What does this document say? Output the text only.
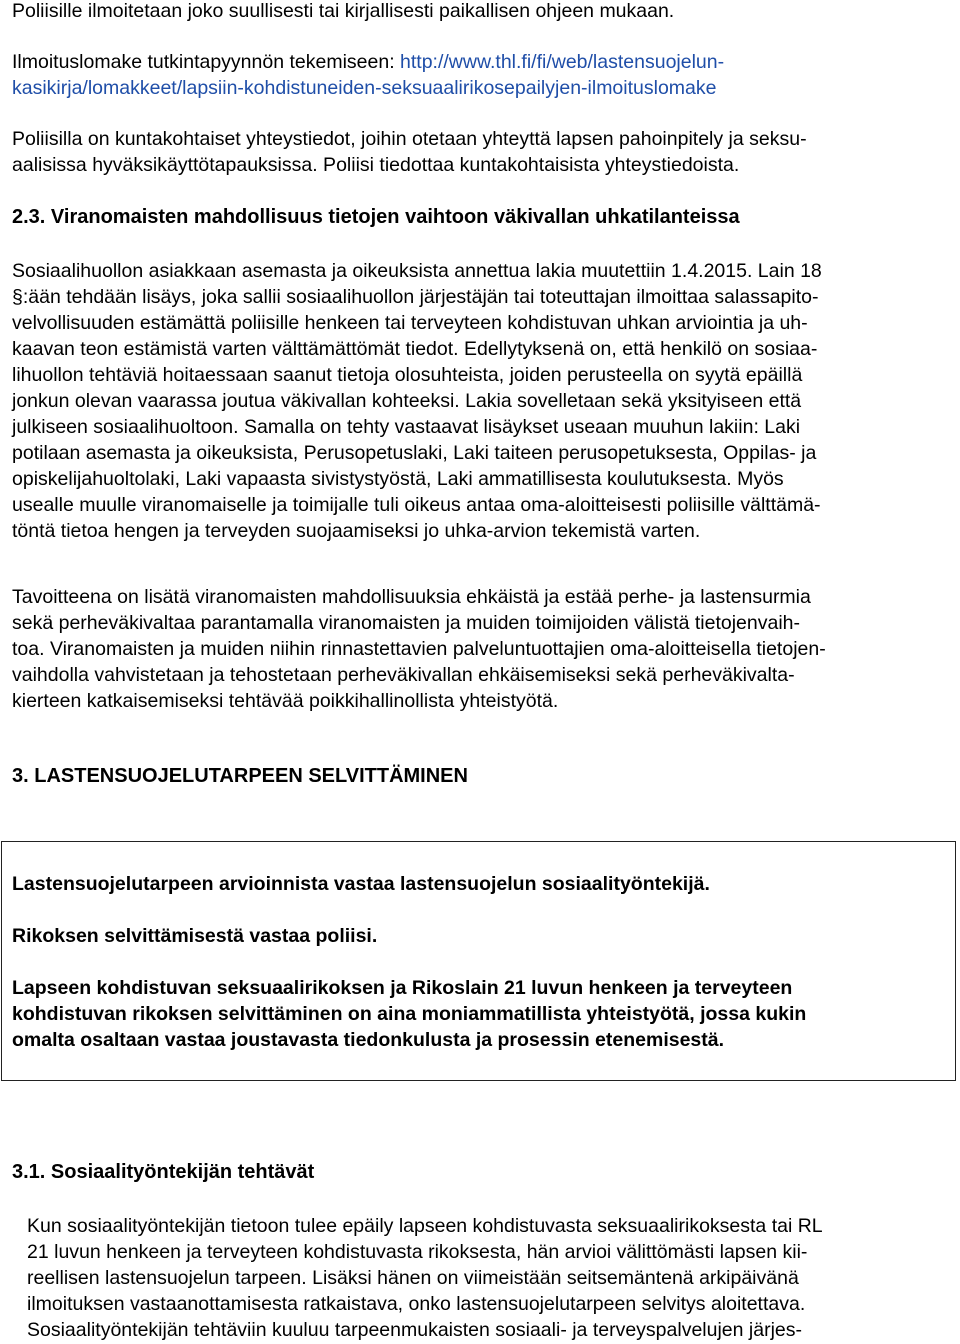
Poliisille ilmoitetaan joko suullisesti tai kirjallisesti paikallisen ohjeen mukaan.
Ilmoituslomake tutkintapyynnön tekemiseen: http://www.thl.fi/fi/web/lastensuojelun-
kasikirja/lomakkeet/lapsiin-kohdistuneiden-seksuaalirikosepailyjen-ilmoituslomake
Poliisilla on kuntakohtaiset yhteystiedot, joihin otetaan yhteyttä lapsen pahoinpitely ja seksu-
aalisissa hyväksikäyttötapauksissa. Poliisi tiedottaa kuntakohtaisista yhteystiedoista.
2.3. Viranomaisten mahdollisuus tietojen vaihtoon väkivallan uhkatilanteissa
Sosiaalihuollon asiakkaan asemasta ja oikeuksista annettua lakia muutettiin 1.4.2015. Lain 18
§:ään tehdään lisäys, joka sallii sosiaalihuollon järjestäjän tai toteuttajan ilmoittaa salassapito-
velvollisuuden estämättä poliisille henkeen tai terveyteen kohdistuvan uhkan arviointia ja uh-
kaavan teon estämistä varten välttämättömät tiedot. Edellytyksenä on, että henkilö on sosiaa-
lihuollon tehtäviä hoitaessaan saanut tietoja olosuhteista, joiden perusteella on syytä epäillä
jonkun olevan vaarassa joutua väkivallan kohteeksi. Lakia sovelletaan sekä yksityiseen että
julkiseen sosiaalihuoltoon. Samalla on tehty vastaavat lisäykset useaan muuhun lakiin: Laki
potilaan asemasta ja oikeuksista, Perusopetuslaki, Laki taiteen perusopetuksesta, Oppilas- ja
opiskelijahuoltolaki, Laki vapaasta sivistystyöstä, Laki ammatillisesta koulutuksesta. Myös
usealle muulle viranomaiselle ja toimijalle tuli oikeus antaa oma-aloitteisesti poliisille välttämä-
töntä tietoa hengen ja terveyden suojaamiseksi jo uhka-arvion tekemistä varten.
Tavoitteena on lisätä viranomaisten mahdollisuuksia ehkäistä ja estää perhe- ja lastensurmia
sekä perheväkivaltaa parantamalla viranomaisten ja muiden toimijoiden välistä tietojenvaih-
toa. Viranomaisten ja muiden niihin rinnastettavien palveluntuottajien oma-aloitteisella tietojen-
vaihdolla vahvistetaan ja tehostetaan perheväkivallan ehkäisemiseksi sekä perheväkivalta-
kierteen katkaisemiseksi tehtävää poikkihallinollista yhteistyötä.
3. LASTENSUOJELUTARPEEN SELVITTÄMINEN
Lastensuojelutarpeen arvioinnista vastaa lastensuojelun sosiaalityöntekijä.
Rikoksen selvittämisestä vastaa poliisi.
Lapseen kohdistuvan seksuaalirikoksen ja Rikoslain 21 luvun henkeen ja terveyteen
kohdistuvan rikoksen selvittäminen on aina moniammatillista yhteistyötä, jossa kukin
omalta osaltaan vastaa joustavasta tiedonkulusta ja prosessin etenemisestä.
3.1. Sosiaalityöntekijän tehtävät
Kun sosiaalityöntekijän tietoon tulee epäily lapseen kohdistuvasta seksuaalirikoksesta tai RL
21 luvun henkeen ja terveyteen kohdistuvasta rikoksesta, hän arvioi välittömästi lapsen kii-
reellisen lastensuojelun tarpeen. Lisäksi hänen on viimeistään seitsemäntenä arkipäivänä
ilmoituksen vastaanottamisesta ratkaistava, onko lastensuojelutarpeen selvitys aloitettava.
Sosiaalityöntekijän tehtäviin kuuluu tarpeenmukaisten sosiaali- ja terveyspalvelujen järjes-
